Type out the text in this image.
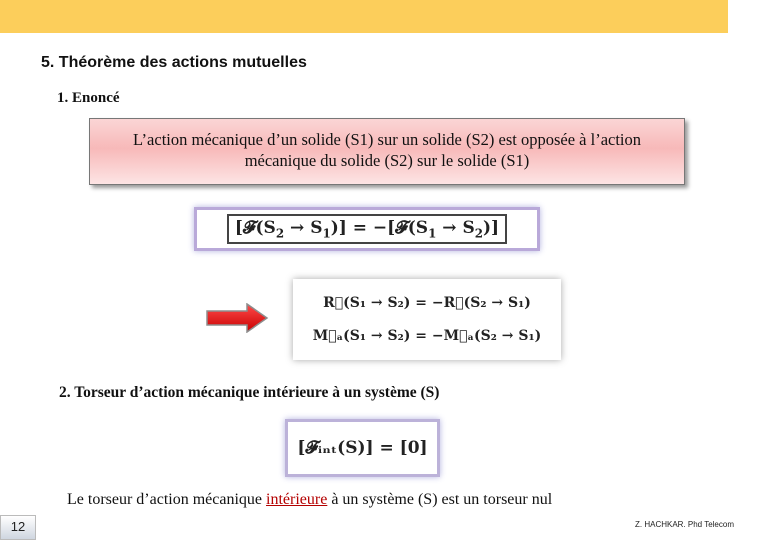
5. Théorème des actions mutuelles
1. Enoncé
L’action mécanique d’un solide (S1) sur un solide (S2) est opposée à l’action
mécanique du solide (S2) sur le solide (S1)
$[𝓕(S_2 \to S_1)]$ = $-[𝓕(S_1 \to S_2)]$
R⃗(S₁ → S₂) = −R⃗(S₂ → S₁)
M⃗ₐ(S₁ → S₂) = −M⃗ₐ(S₂ → S₁)
2. Torseur d’action mécanique intérieure à un système (S)
[𝓕ᵢₙₜ(S)] = [0]
Le torseur d’action mécanique intérieure à un système (S) est un torseur nul
12	Z. HACHKAR. Phd Telecom
